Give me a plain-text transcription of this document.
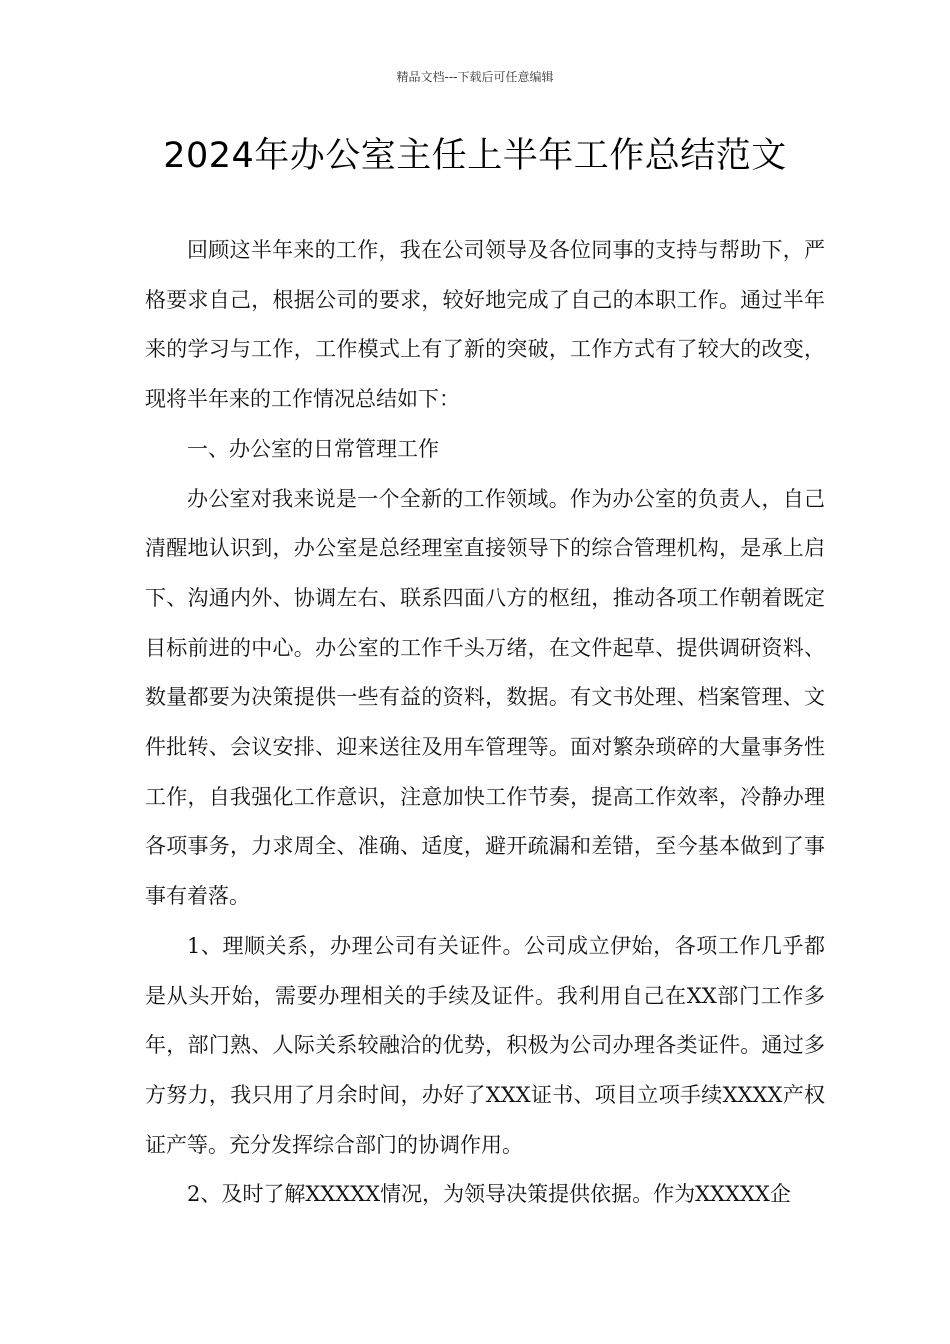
精品文档---下载后可任意编辑
2024年办公室主任上半年工作总结范文

回顾这半年来的工作，我在公司领导及各位同事的支持与帮助下，严格要求自己，根据公司的要求，较好地完成了自己的本职工作。通过半年来的学习与工作，工作模式上有了新的突破，工作方式有了较大的改变，现将半年来的工作情况总结如下：

一、办公室的日常管理工作

办公室对我来说是一个全新的工作领域。作为办公室的负责人，自己清醒地认识到，办公室是总经理室直接领导下的综合管理机构，是承上启下、沟通内外、协调左右、联系四面八方的枢纽，推动各项工作朝着既定目标前进的中心。办公室的工作千头万绪，在文件起草、提供调研资料、数量都要为决策提供一些有益的资料，数据。有文书处理、档案管理、文件批转、会议安排、迎来送往及用车管理等。面对繁杂琐碎的大量事务性工作，自我强化工作意识，注意加快工作节奏，提高工作效率，冷静办理各项事务，力求周全、准确、适度，避开疏漏和差错，至今基本做到了事事有着落。

1、理顺关系，办理公司有关证件。公司成立伊始，各项工作几乎都是从头开始，需要办理相关的手续及证件。我利用自己在XX部门工作多年，部门熟、人际关系较融洽的优势，积极为公司办理各类证件。通过多方努力，我只用了月余时间，办好了XXX证书、项目立项手续XXXX产权证产等。充分发挥综合部门的协调作用。

2、及时了解XXXXX情况，为领导决策提供依据。作为XXXXX企
